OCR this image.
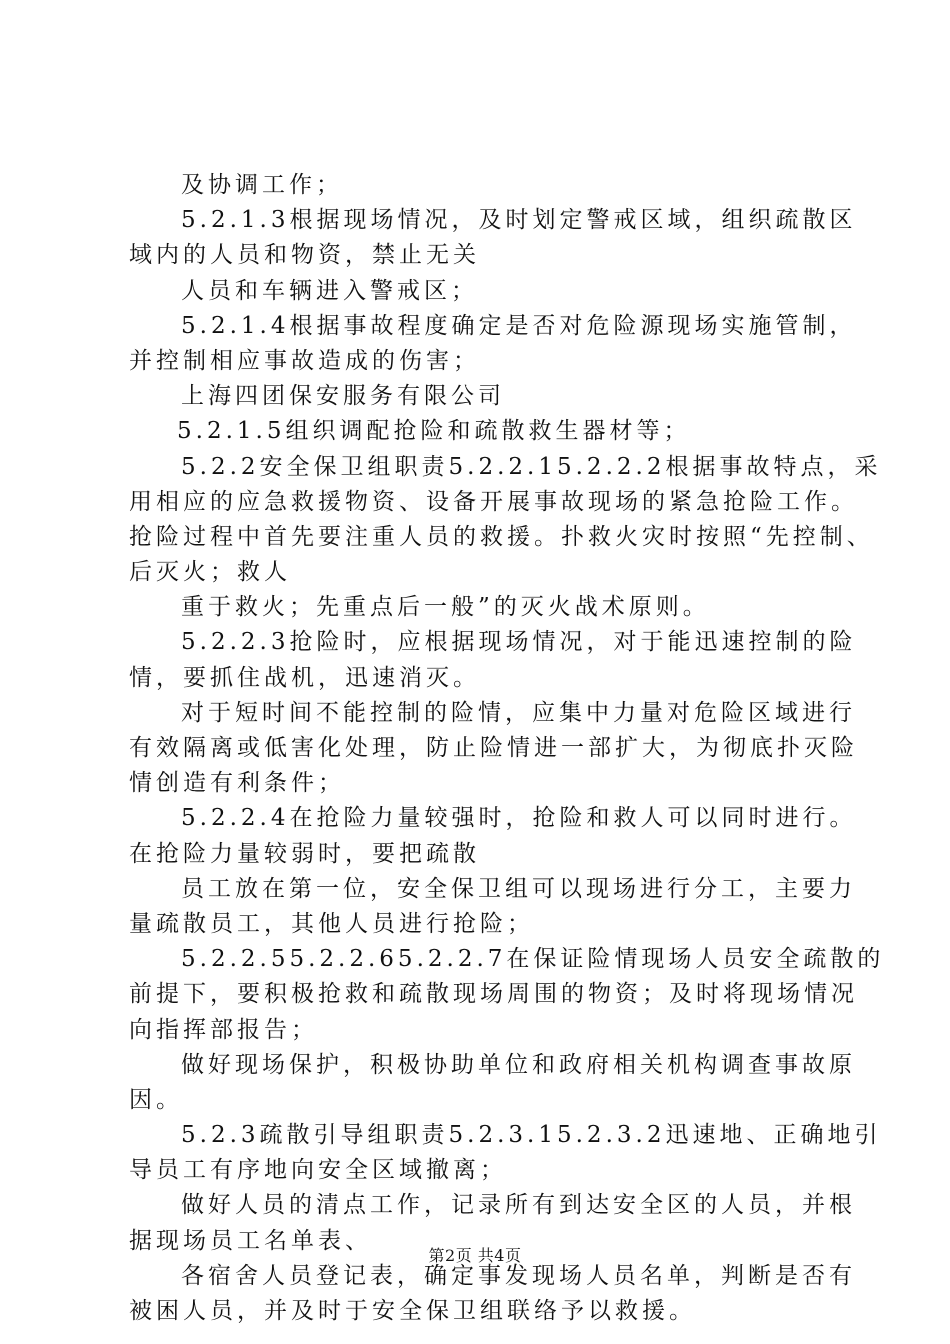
及协调工作；
5.2.1.3根据现场情况，及时划定警戒区域，组织疏散区
域内的人员和物资，禁止无关
人员和车辆进入警戒区；
5.2.1.4根据事故程度确定是否对危险源现场实施管制，
并控制相应事故造成的伤害；
上海四团保安服务有限公司
5.2.1.5组织调配抢险和疏散救生器材等；
5.2.2安全保卫组职责5.2.2.15.2.2.2根据事故特点，采
用相应的应急救援物资、设备开展事故现场的紧急抢险工作。
抢险过程中首先要注重人员的救援。扑救火灾时按照“先控制、
后灭火；救人
重于救火；先重点后一般”的灭火战术原则。
5.2.2.3抢险时，应根据现场情况，对于能迅速控制的险
情，要抓住战机，迅速消灭。
对于短时间不能控制的险情，应集中力量对危险区域进行
有效隔离或低害化处理，防止险情进一部扩大，为彻底扑灭险
情创造有利条件；
5.2.2.4在抢险力量较强时，抢险和救人可以同时进行。
在抢险力量较弱时，要把疏散
员工放在第一位，安全保卫组可以现场进行分工，主要力
量疏散员工，其他人员进行抢险；
5.2.2.55.2.2.65.2.2.7在保证险情现场人员安全疏散的
前提下，要积极抢救和疏散现场周围的物资；及时将现场情况
向指挥部报告；
做好现场保护，积极协助单位和政府相关机构调查事故原
因。
5.2.3疏散引导组职责5.2.3.15.2.3.2迅速地、正确地引
导员工有序地向安全区域撤离；
做好人员的清点工作，记录所有到达安全区的人员，并根
据现场员工名单表、
各宿舍人员登记表，确定事发现场人员名单，判断是否有
被困人员，并及时于安全保卫组联络予以救援。
第2页 共4页
